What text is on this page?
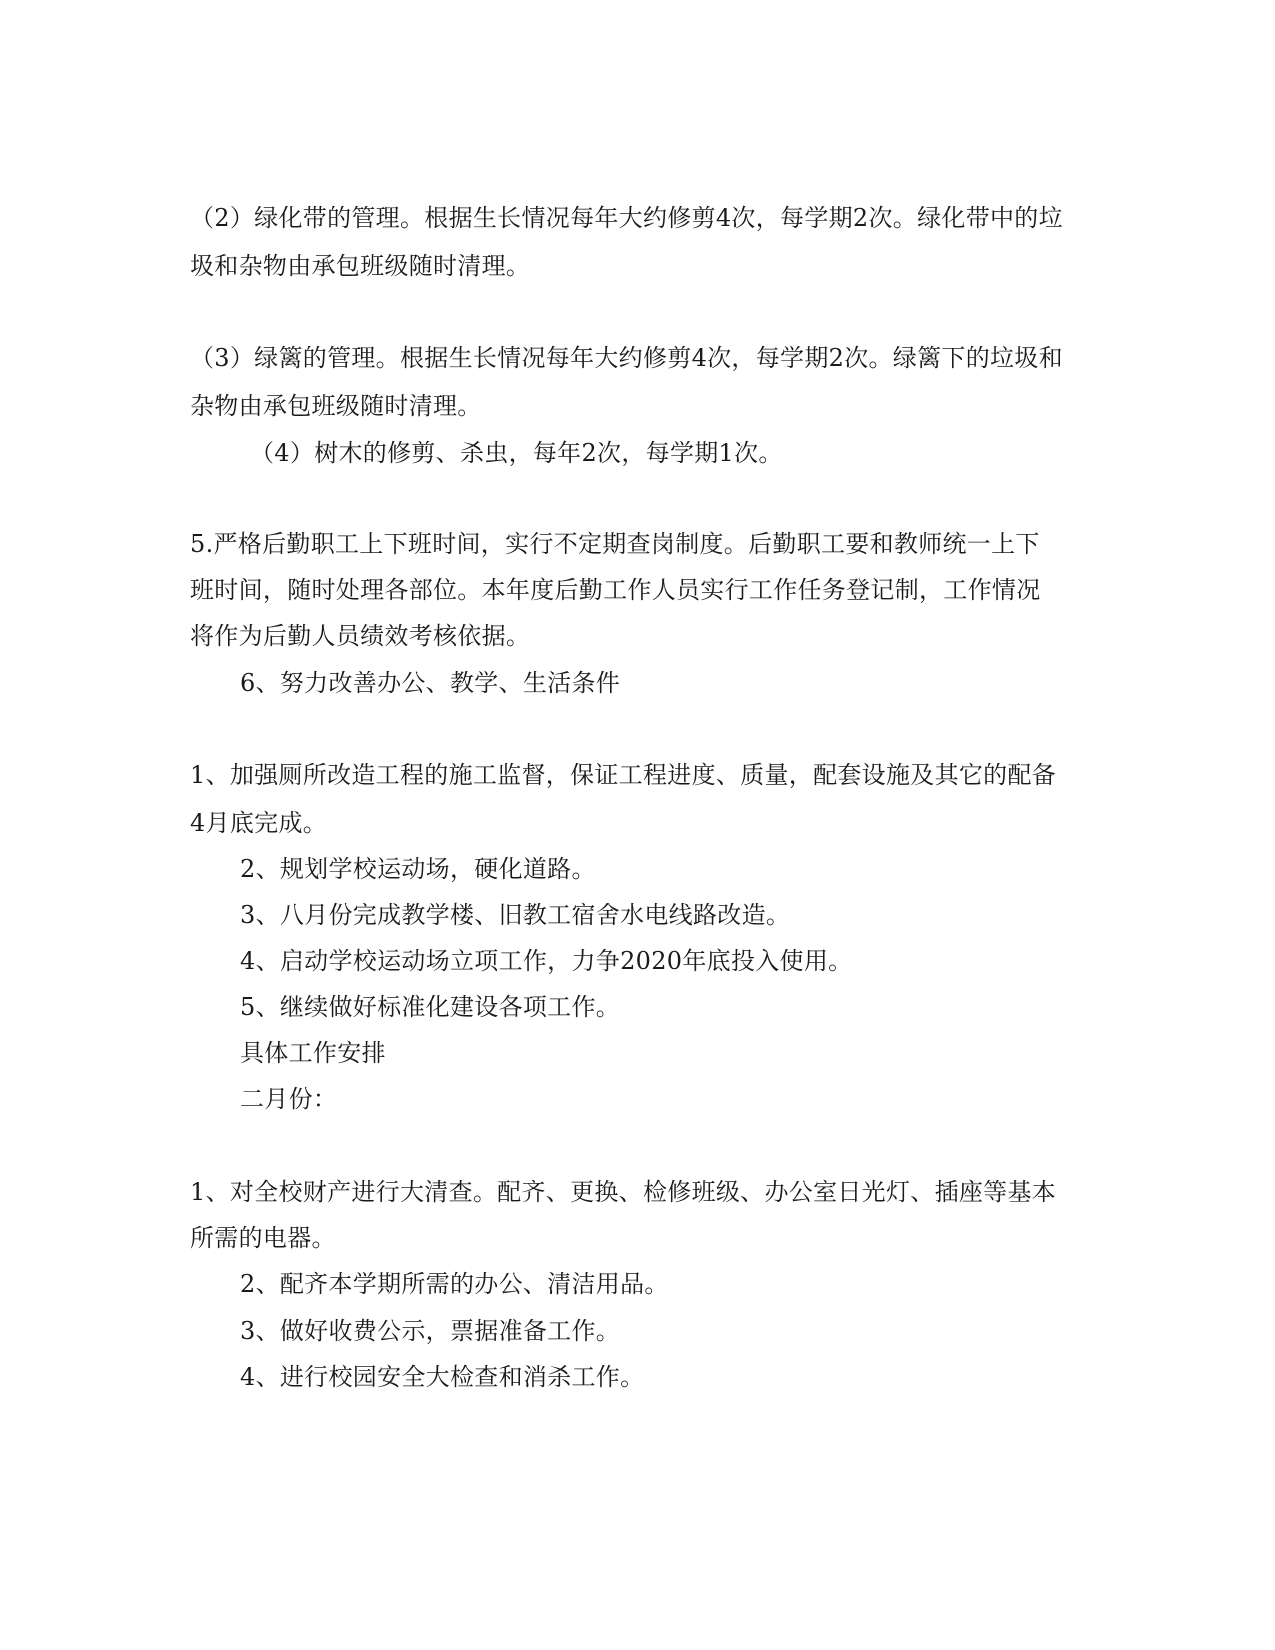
（2）绿化带的管理。根据生长情况每年大约修剪4次，每学期2次。绿化带中的垃
圾和杂物由承包班级随时清理。
（3）绿篱的管理。根据生长情况每年大约修剪4次，每学期2次。绿篱下的垃圾和
杂物由承包班级随时清理。
（4）树木的修剪、杀虫，每年2次，每学期1次。
5.严格后勤职工上下班时间，实行不定期查岗制度。后勤职工要和教师统一上下
班时间，随时处理各部位。本年度后勤工作人员实行工作任务登记制，工作情况
将作为后勤人员绩效考核依据。
6、努力改善办公、教学、生活条件
1、加强厕所改造工程的施工监督，保证工程进度、质量，配套设施及其它的配备
4月底完成。
2、规划学校运动场，硬化道路。
3、八月份完成教学楼、旧教工宿舍水电线路改造。
4、启动学校运动场立项工作，力争2020年底投入使用。
5、继续做好标准化建设各项工作。
具体工作安排
二月份：
1、对全校财产进行大清查。配齐、更换、检修班级、办公室日光灯、插座等基本
所需的电器。
2、配齐本学期所需的办公、清洁用品。
3、做好收费公示，票据准备工作。
4、进行校园安全大检查和消杀工作。
